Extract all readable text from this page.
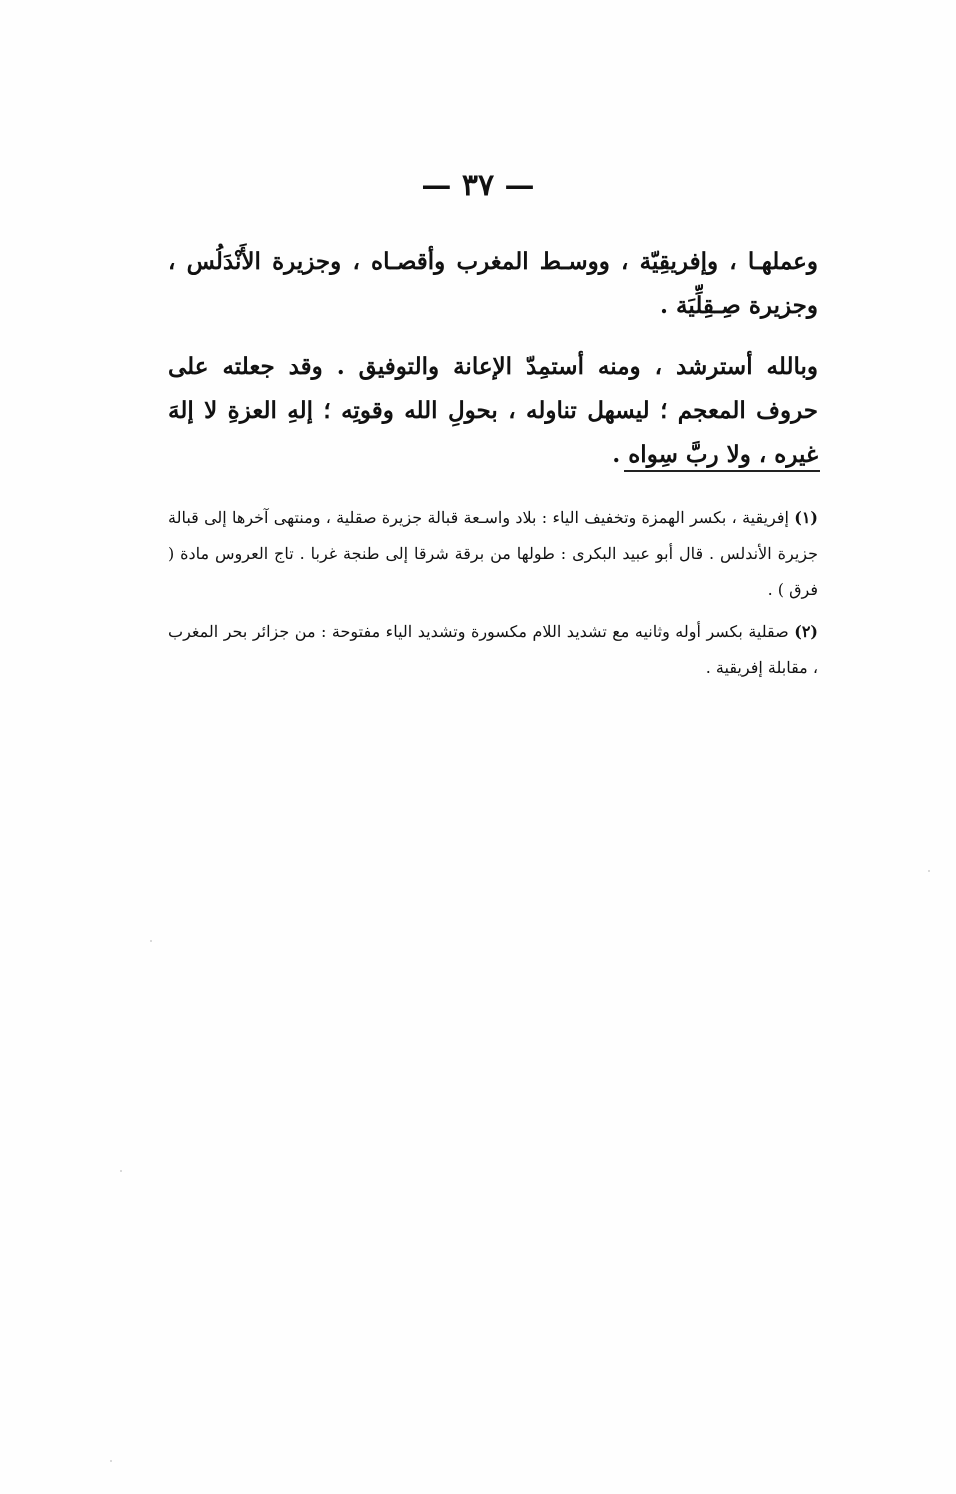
— ٣٧ —

وعملهـا ، وإفريقِيّة ، ووسـط المغرب وأقصـاه ، وجزيرة الأَنْدَلُس ، وجزيرة صِـقِلِّيَة .

وبالله أسترشد ، ومنه أستمِدّ الإعانة والتوفيق . وقد جعلته على حروف المعجم ؛ ليسهل تناوله ، بحولِ الله وقوتِه ؛ إلهِ العزةِ لا إلهَ غيره ، ولا ربَّ سِواه .

(١) إفريقية ، بكسر الهمزة وتخفيف الياء : بلاد واسـعة قبالة جزيرة صقلية ، ومنتهى آخرها إلى قبالة جزيرة الأندلس . قال أبو عبيد البكرى : طولها من برقة شرقا إلى طنجة غربا . تاج العروس مادة ( فرق ) .

(٢) صقلية بكسر أوله وثانيه مع تشديد اللام مكسورة وتشديد الياء مفتوحة : من جزائر بحر المغرب ، مقابلة إفريقية .
